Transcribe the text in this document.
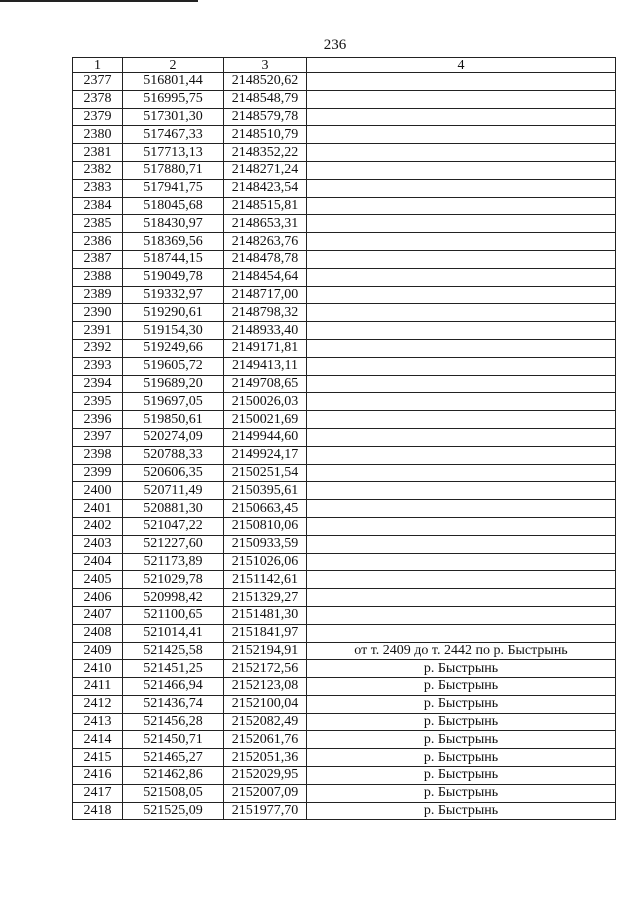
236
1	2	3	4
2377	516801,44	2148520,62	
2378	516995,75	2148548,79	
2379	517301,30	2148579,78	
2380	517467,33	2148510,79	
2381	517713,13	2148352,22	
2382	517880,71	2148271,24	
2383	517941,75	2148423,54	
2384	518045,68	2148515,81	
2385	518430,97	2148653,31	
2386	518369,56	2148263,76	
2387	518744,15	2148478,78	
2388	519049,78	2148454,64	
2389	519332,97	2148717,00	
2390	519290,61	2148798,32	
2391	519154,30	2148933,40	
2392	519249,66	2149171,81	
2393	519605,72	2149413,11	
2394	519689,20	2149708,65	
2395	519697,05	2150026,03	
2396	519850,61	2150021,69	
2397	520274,09	2149944,60	
2398	520788,33	2149924,17	
2399	520606,35	2150251,54	
2400	520711,49	2150395,61	
2401	520881,30	2150663,45	
2402	521047,22	2150810,06	
2403	521227,60	2150933,59	
2404	521173,89	2151026,06	
2405	521029,78	2151142,61	
2406	520998,42	2151329,27	
2407	521100,65	2151481,30	
2408	521014,41	2151841,97	
2409	521425,58	2152194,91	от т. 2409 до т. 2442 по р. Быстрынь
2410	521451,25	2152172,56	р. Быстрынь
2411	521466,94	2152123,08	р. Быстрынь
2412	521436,74	2152100,04	р. Быстрынь
2413	521456,28	2152082,49	р. Быстрынь
2414	521450,71	2152061,76	р. Быстрынь
2415	521465,27	2152051,36	р. Быстрынь
2416	521462,86	2152029,95	р. Быстрынь
2417	521508,05	2152007,09	р. Быстрынь
2418	521525,09	2151977,70	р. Быстрынь
